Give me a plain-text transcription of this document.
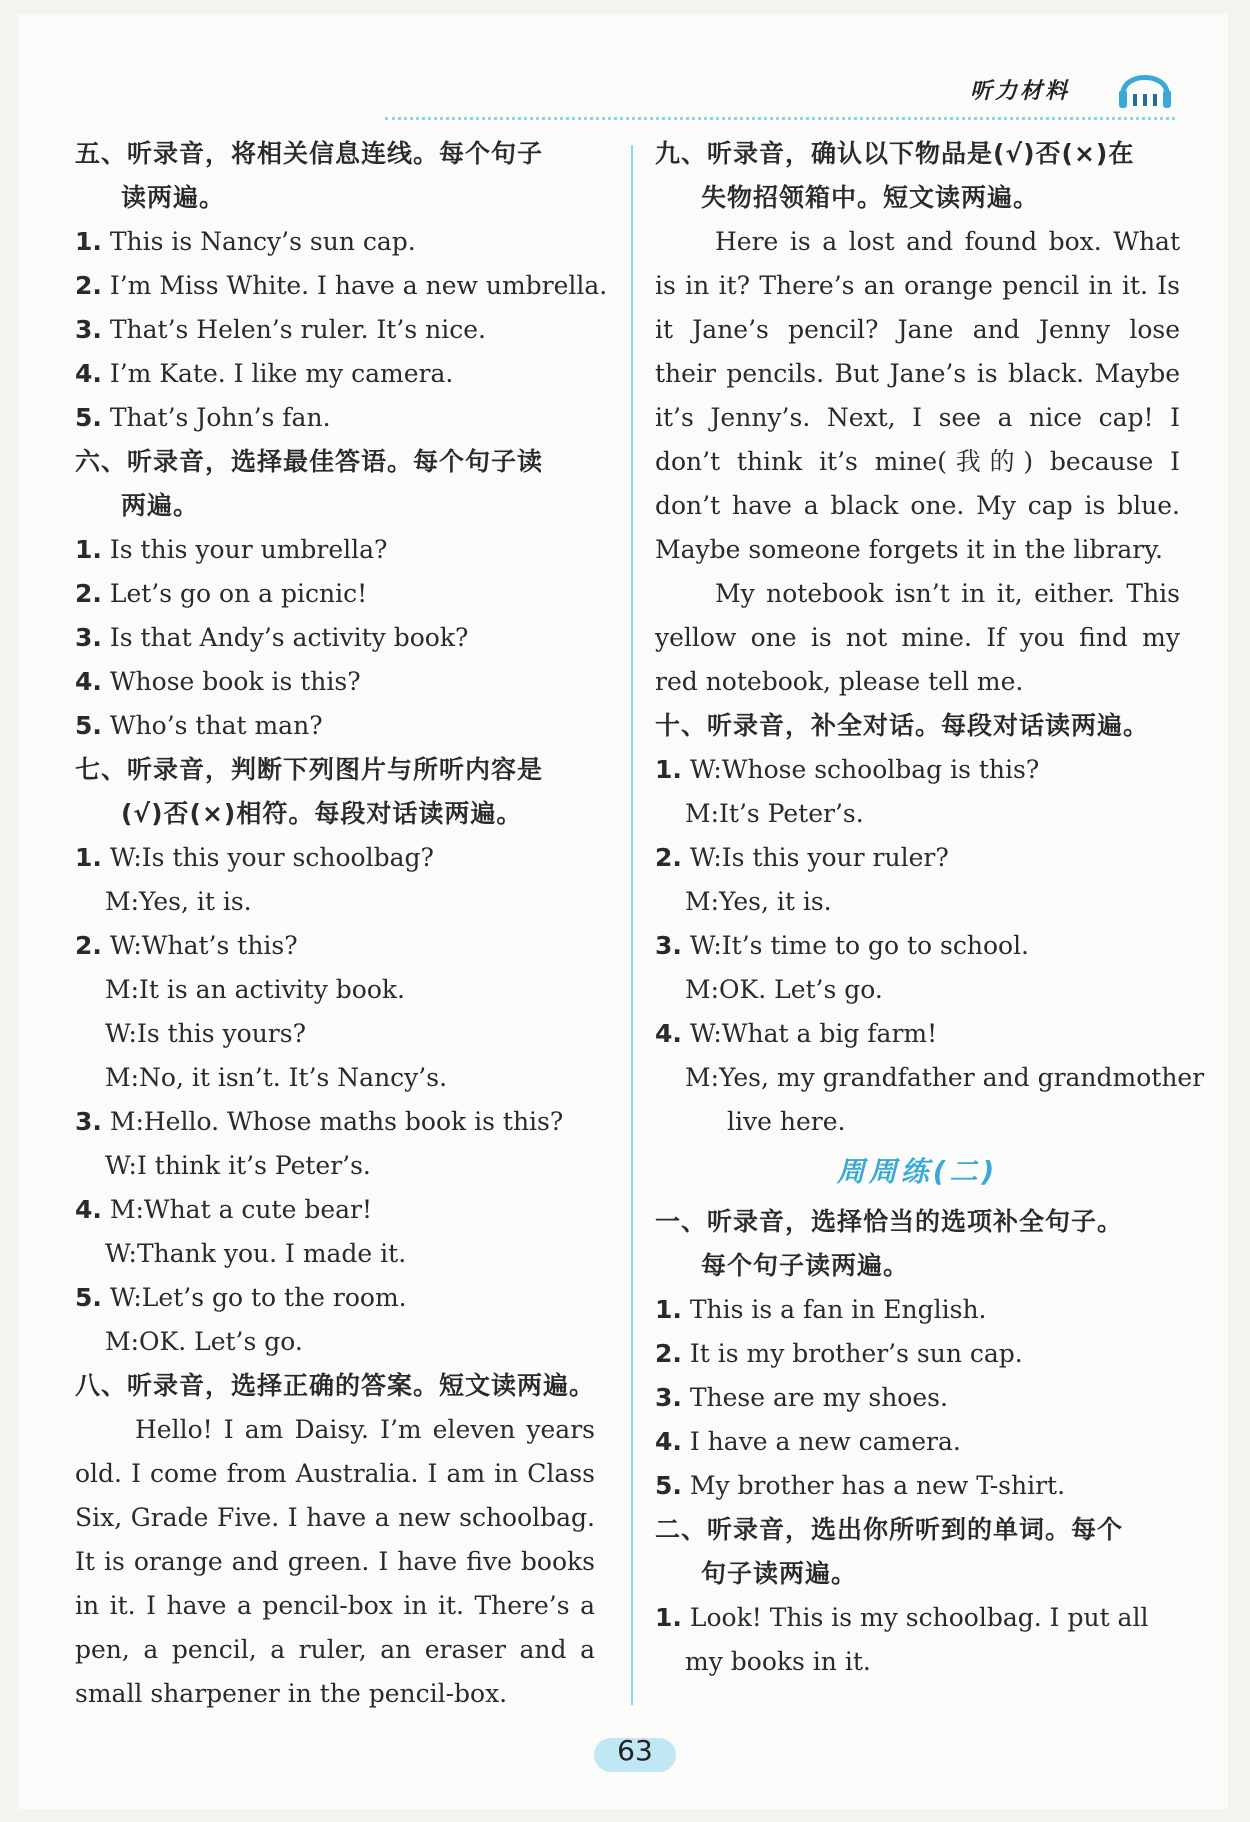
听力材料
五、听录音，将相关信息连线。每个句子
读两遍。
1. This is Nancy’s sun cap.
2. I’m Miss White. I have a new umbrella.
3. That’s Helen’s ruler. It’s nice.
4. I’m Kate. I like my camera.
5. That’s John’s fan.
六、听录音，选择最佳答语。每个句子读
两遍。
1. Is this your umbrella?
2. Let’s go on a picnic!
3. Is that Andy’s activity book?
4. Whose book is this?
5. Who’s that man?
七、听录音，判断下列图片与所听内容是
(√)否(×)相符。每段对话读两遍。
1. W:Is this your schoolbag?
M:Yes, it is.
2. W:What’s this?
M:It is an activity book.
W:Is this yours?
M:No, it isn’t. It’s Nancy’s.
3. M:Hello. Whose maths book is this?
W:I think it’s Peter’s.
4. M:What a cute bear!
W:Thank you. I made it.
5. W:Let’s go to the room.
M:OK. Let’s go.
八、听录音，选择正确的答案。短文读两遍。
Hello! I am Daisy. I’m eleven years old. I come from Australia. I am in Class Six, Grade Five. I have a new schoolbag. It is orange and green. I have five books in it. I have a pencil-box in it. There’s a pen, a pencil, a ruler, an eraser and a small sharpener in the pencil-box.
九、听录音，确认以下物品是(√)否(×)在
失物招领箱中。短文读两遍。
Here is a lost and found box. What is in it? There’s an orange pencil in it. Is it Jane’s pencil? Jane and Jenny lose their pencils. But Jane’s is black. Maybe it’s Jenny’s. Next, I see a nice cap! I don’t think it’s mine(我的) because I don’t have a black one. My cap is blue. Maybe someone forgets it in the library.
My notebook isn’t in it, either. This yellow one is not mine. If you find my red notebook, please tell me.
十、听录音，补全对话。每段对话读两遍。
1. W:Whose schoolbag is this?
M:It’s Peter’s.
2. W:Is this your ruler?
M:Yes, it is.
3. W:It’s time to go to school.
M:OK. Let’s go.
4. W:What a big farm!
M:Yes, my grandfather and grandmother
live here.
周周练(二)
一、听录音，选择恰当的选项补全句子。
每个句子读两遍。
1. This is a fan in English.
2. It is my brother’s sun cap.
3. These are my shoes.
4. I have a new camera.
5. My brother has a new T-shirt.
二、听录音，选出你所听到的单词。每个
句子读两遍。
1. Look! This is my schoolbag. I put all
my books in it.
63
